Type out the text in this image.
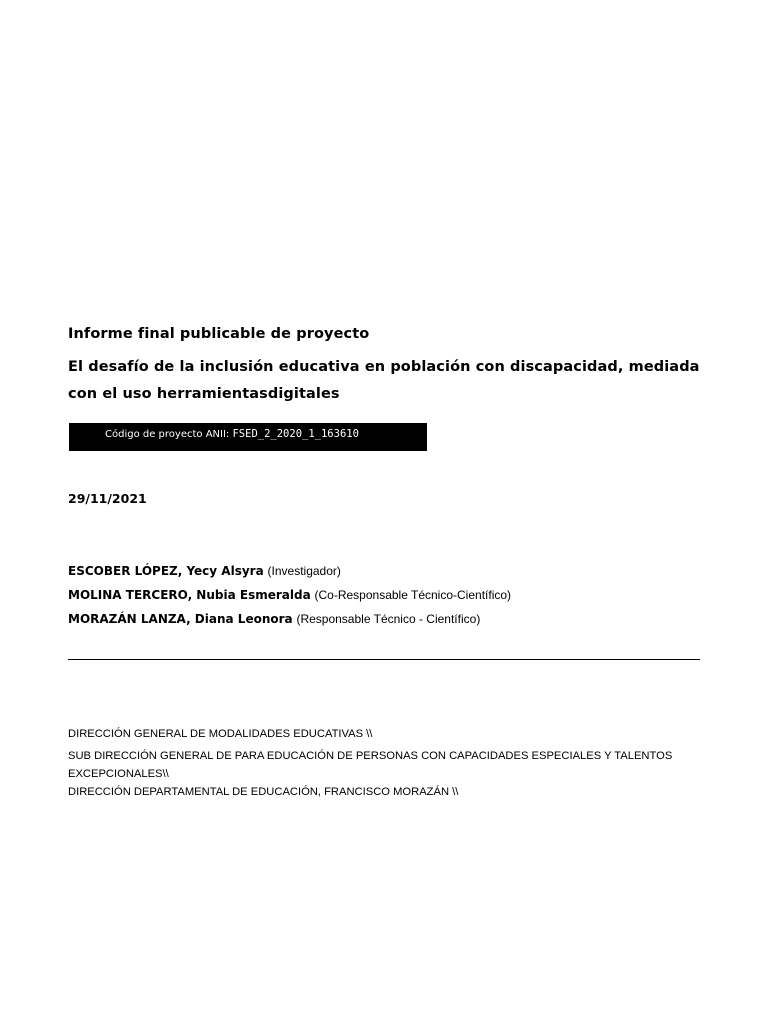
Informe final publicable de proyecto
El desafío de la inclusión educativa en población con discapacidad, mediada con el uso herramientasdigitales
Código de proyecto ANII: FSED_2_2020_1_163610
29/11/2021
ESCOBER LÓPEZ, Yecy Alsyra (Investigador)
MOLINA TERCERO, Nubia Esmeralda (Co-Responsable Técnico-Científico)
MORAZÁN LANZA, Diana Leonora (Responsable Técnico - Científico)
DIRECCIÓN GENERAL DE MODALIDADES EDUCATIVAS \\
SUB DIRECCIÓN GENERAL DE PARA EDUCACIÓN DE PERSONAS CON CAPACIDADES ESPECIALES Y TALENTOS EXCEPCIONALES\\
DIRECCIÓN DEPARTAMENTAL DE EDUCACIÓN, FRANCISCO MORAZÁN \\
